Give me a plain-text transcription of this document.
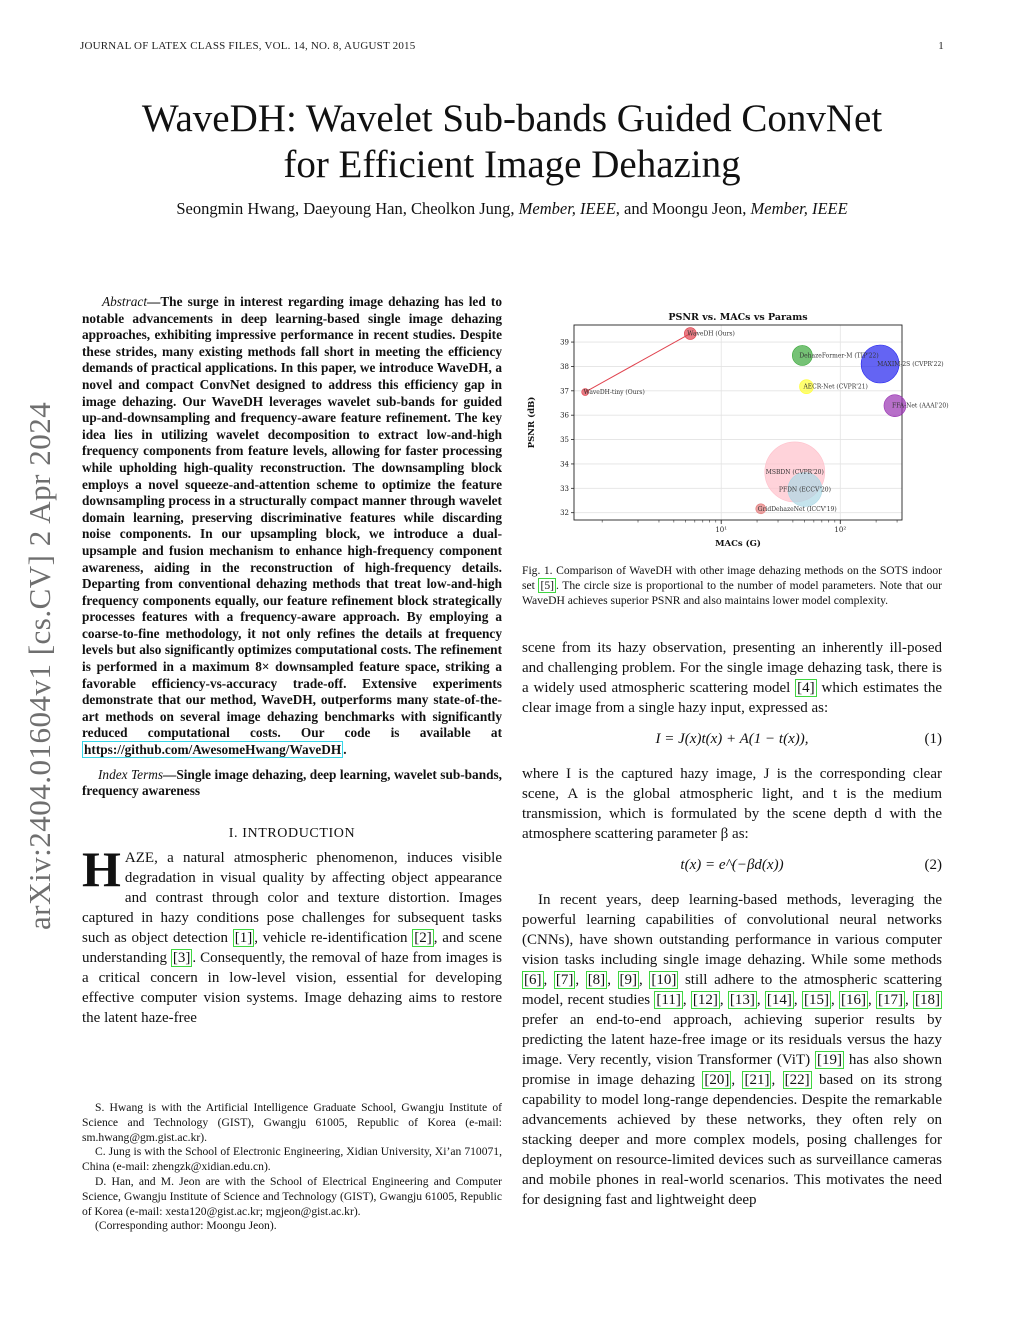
JOURNAL OF LATEX CLASS FILES, VOL. 14, NO. 8, AUGUST 2015	1
WaveDH: Wavelet Sub-bands Guided ConvNet
for Efficient Image Dehazing
Seongmin Hwang, Daeyoung Han, Cheolkon Jung, Member, IEEE, and Moongu Jeon, Member, IEEE
arXiv:2404.01604v1 [cs.CV] 2 Apr 2024

  Abstract—The surge in interest regarding image dehazing has led to notable advancements in deep learning-based single image dehazing approaches, exhibiting impressive performance in recent studies. Despite these strides, many existing methods fall short in meeting the efficiency demands of practical applications. In this paper, we introduce WaveDH, a novel and compact ConvNet designed to address this efficiency gap in image dehazing. Our WaveDH leverages wavelet sub-bands for guided up-and-downsampling and frequency-aware feature refinement. The key idea lies in utilizing wavelet decomposition to extract low-and-high frequency components from feature levels, allowing for faster processing while upholding high-quality reconstruction. The downsampling block employs a novel squeeze-and-attention scheme to optimize the feature downsampling process in a structurally compact manner through wavelet domain learning, preserving discriminative features while discarding noise components. In our upsampling block, we introduce a dual-upsample and fusion mechanism to enhance high-frequency component awareness, aiding in the reconstruction of high-frequency details. Departing from conventional dehazing methods that treat low-and-high frequency components equally, our feature refinement block strategically processes features with a frequency-aware approach. By employing a coarse-to-fine methodology, it not only refines the details at frequency levels but also significantly optimizes computational costs. The refinement is performed in a maximum 8× downsampled feature space, striking a favorable efficiency-vs-accuracy trade-off. Extensive experiments demonstrate that our method, WaveDH, outperforms many state-of-the-art methods on several image dehazing benchmarks with significantly reduced computational costs. Our code is available at https://github.com/AwesomeHwang/WaveDH .

Index Terms—Single image dehazing, deep learning, wavelet sub-bands, frequency awareness

I. INTRODUCTION

HAZE, a natural atmospheric phenomenon, induces visible degradation in visual quality by affecting object appearance and contrast through color and texture distortion. Images captured in hazy conditions pose challenges for subsequent tasks such as object detection [1] , vehicle re-identification [2] , and scene understanding [3] . Consequently, the removal of haze from images is a critical concern in low-level vision, essential for developing effective computer vision systems. Image dehazing aims to restore the latent haze-free

S. Hwang is with the Artificial Intelligence Graduate School, Gwangju Institute of Science and Technology (GIST), Gwangju 61005, Republic of Korea (e-mail: sm.hwang@gm.gist.ac.kr).

C. Jung is with the School of Electronic Engineering, Xidian University, Xi’an 710071, China (e-mail: zhengzk@xidian.edu.cn).

D. Han, and M. Jeon are with the School of Electrical Engineering and Computer Science, Gwangju Institute of Science and Technology (GIST), Gwangju 61005, Republic of Korea (e-mail: xesta120@gist.ac.kr; mgjeon@gist.ac.kr).

(Corresponding author: Moongu Jeon).

32
33
34
35
36
37
38
39
10¹	10²
PSNR vs. MACs vs Params
MACs (G)
PSNR (dB)
WaveDH (Ours)
WaveDH-tiny (Ours)
DehazeFormer-M (TIP'22)
MAXIM-2S (CVPR'22)
AECR-Net (CVPR'21)
FFA-Net (AAAI'20)
MSBDN (CVPR'20)
PFDN (ECCV'20)
GridDehazeNet (ICCV'19)

Fig. 1. Comparison of WaveDH with other image dehazing methods on the SOTS indoor set [5] . The circle size is proportional to the number of model parameters. Note that our WaveDH achieves superior PSNR and also maintains lower model complexity.

scene from its hazy observation, presenting an inherently ill-posed and challenging problem. For the single image dehazing task, there is a widely used atmospheric scattering model [4] which estimates the clear image from a single hazy input, expressed as:

I = J(x)t(x) + A(1 − t(x)),	(1)

where I is the captured hazy image, J is the corresponding clear scene, A is the global atmospheric light, and t is the medium transmission, which is formulated by the scene depth d with the atmosphere scattering parameter β as:

t(x) = e^(−βd(x))	(2)

In recent years, deep learning-based methods, leveraging the powerful learning capabilities of convolutional neural networks (CNNs), have shown outstanding performance in various computer vision tasks including single image dehazing. While some methods [6] , [7] , [8] , [9] , [10] still adhere to the atmospheric scattering model, recent studies [11] , [12] , [13] , [14] , [15] , [16] , [17] , [18] prefer an end-to-end approach, achieving superior results by predicting the latent haze-free image or its residuals versus the hazy image. Very recently, vision Transformer (ViT) [19] has also shown promise in image dehazing [20] , [21] , [22] based on its strong capability to model long-range dependencies. Despite the remarkable advancements achieved by these networks, they often rely on stacking deeper and more complex models, posing challenges for deployment on resource-limited devices such as surveillance cameras and mobile phones in real-world scenarios. This motivates the need for designing fast and lightweight deep
